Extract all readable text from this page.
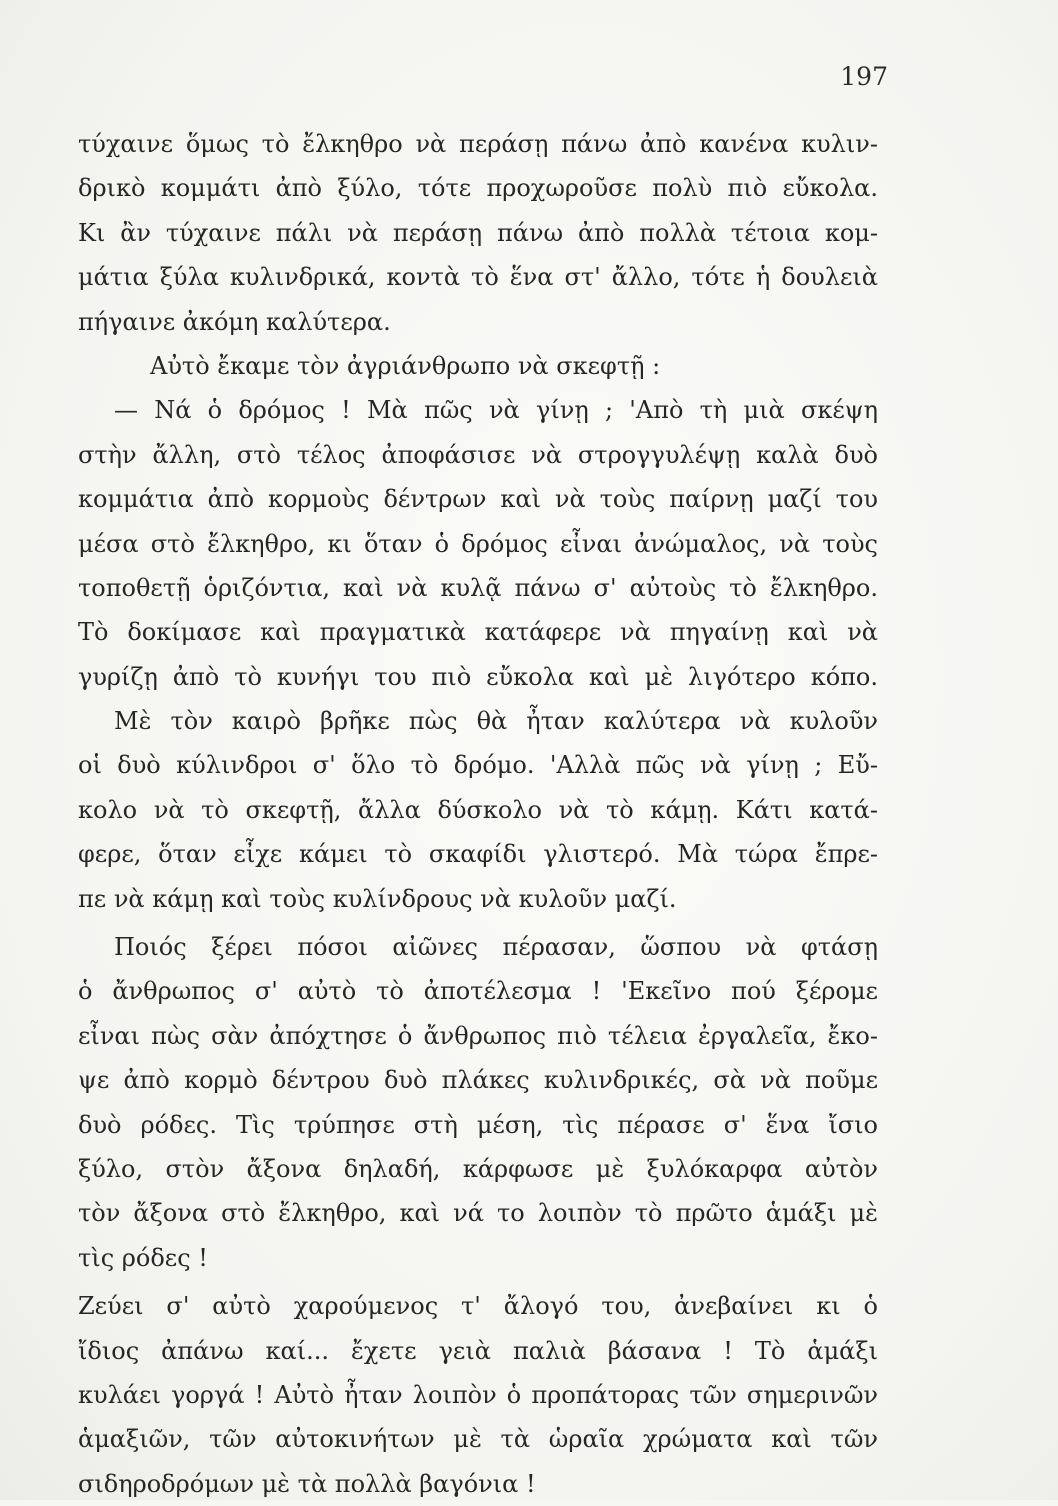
197
τύχαινε ὅμως τὸ ἔλκηθρο νὰ περάσῃ πάνω ἀπὸ κανένα κυλιν-
δρικὸ κομμάτι ἀπὸ ξύλο, τότε προχωροῦσε πολὺ πιὸ εὔκολα.
Κι ἂν τύχαινε πάλι νὰ περάσῃ πάνω ἀπὸ πολλὰ τέτοια κομ-
μάτια ξύλα κυλινδρικά, κοντὰ τὸ ἕνα στ' ἄλλο, τότε ἡ δουλειὰ
πήγαινε ἀκόμη καλύτερα.
Αὐτὸ ἔκαμε τὸν ἀγριάνθρωπο νὰ σκεφτῇ :
— Νά ὁ δρόμος ! Μὰ πῶς νὰ γίνῃ ; 'Απὸ τὴ μιὰ σκέψη
στὴν ἄλλη, στὸ τέλος ἀποφάσισε νὰ στρογγυλέψῃ καλὰ δυὸ
κομμάτια ἀπὸ κορμοὺς δέντρων καὶ νὰ τοὺς παίρνῃ μαζί του
μέσα στὸ ἔλκηθρο, κι ὅταν ὁ δρόμος εἶναι ἀνώμαλος, νὰ τοὺς
τοποθετῇ ὁριζόντια, καὶ νὰ κυλᾷ πάνω σ' αὐτοὺς τὸ ἔλκηθρο.
Τὸ δοκίμασε καὶ πραγματικὰ κατάφερε νὰ πηγαίνῃ καὶ νὰ
γυρίζῃ ἀπὸ τὸ κυνήγι του πιὸ εὔκολα καὶ μὲ λιγότερο κόπο.
Μὲ τὸν καιρὸ βρῆκε πὼς θὰ ἦταν καλύτερα νὰ κυλοῦν
οἱ δυὸ κύλινδροι σ' ὅλο τὸ δρόμο. 'Αλλὰ πῶς νὰ γίνῃ ; Εὔ-
κολο νὰ τὸ σκεφτῇ, ἄλλα δύσκολο νὰ τὸ κάμῃ. Κάτι κατά-
φερε, ὅταν εἶχε κάμει τὸ σκαφίδι γλιστερό. Μὰ τώρα ἔπρε-
πε νὰ κάμῃ καὶ τοὺς κυλίνδρους νὰ κυλοῦν μαζί.
Ποιός ξέρει πόσοι αἰῶνες πέρασαν, ὥσπου νὰ φτάσῃ
ὁ ἄνθρωπος σ' αὐτὸ τὸ ἀποτέλεσμα ! 'Εκεῖνο πού ξέρομε
εἶναι πὼς σὰν ἀπόχτησε ὁ ἄνθρωπος πιὸ τέλεια ἐργαλεῖα, ἔκο-
ψε ἀπὸ κορμὸ δέντρου δυὸ πλάκες κυλινδρικές, σὰ νὰ ποῦμε
δυὸ ρόδες. Τὶς τρύπησε στὴ μέση, τὶς πέρασε σ' ἕνα ἴσιο
ξύλο, στὸν ἄξονα δηλαδή, κάρφωσε μὲ ξυλόκαρφα αὐτὸν
τὸν ἄξονα στὸ ἔλκηθρο, καὶ νά το λοιπὸν τὸ πρῶτο ἁμάξι μὲ
τὶς ρόδες !
Ζεύει σ' αὐτὸ χαρούμενος τ' ἄλογό του, ἀνεβαίνει κι ὁ
ἴδιος ἀπάνω καί... ἔχετε γειὰ παλιὰ βάσανα ! Τὸ ἁμάξι
κυλάει γοργά ! Αὐτὸ ἦταν λοιπὸν ὁ προπάτορας τῶν σημερινῶν
ἁμαξιῶν, τῶν αὐτοκινήτων μὲ τὰ ὡραῖα χρώματα καὶ τῶν
σιδηροδρόμων μὲ τὰ πολλὰ βαγόνια !
